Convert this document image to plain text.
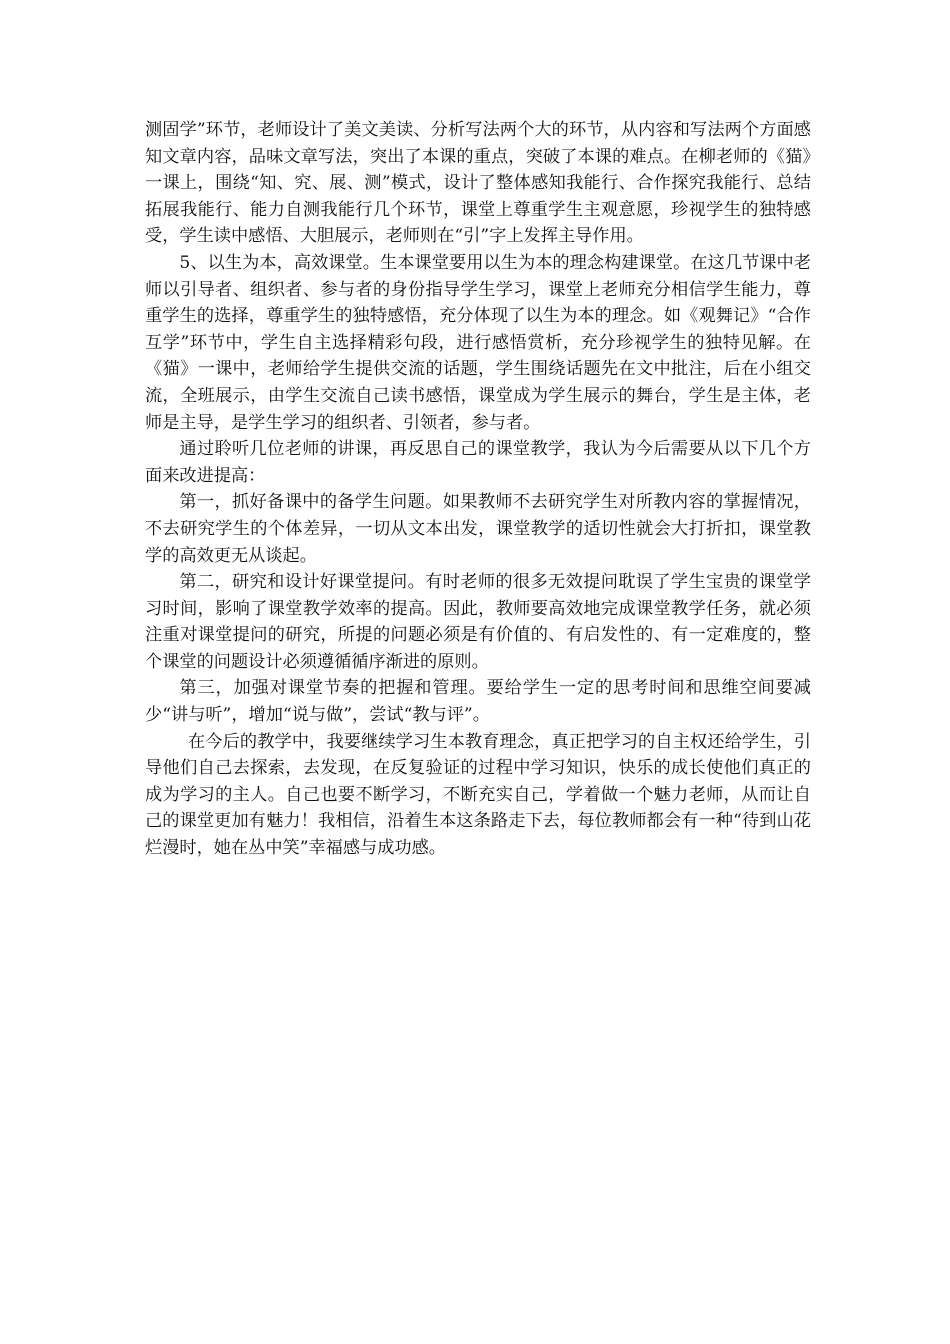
测固学”环节，老师设计了美文美读、分析写法两个大的环节，从内容和写法两个方面感知文章内容，品味文章写法，突出了本课的重点，突破了本课的难点。在柳老师的《猫》一课上，围绕“知、究、展、测”模式，设计了整体感知我能行、合作探究我能行、总结拓展我能行、能力自测我能行几个环节，课堂上尊重学生主观意愿，珍视学生的独特感受，学生读中感悟、大胆展示，老师则在“引”字上发挥主导作用。

5、以生为本，高效课堂。生本课堂要用以生为本的理念构建课堂。在这几节课中老师以引导者、组织者、参与者的身份指导学生学习，课堂上老师充分相信学生能力，尊重学生的选择，尊重学生的独特感悟，充分体现了以生为本的理念。如《观舞记》“合作互学”环节中，学生自主选择精彩句段，进行感悟赏析，充分珍视学生的独特见解。在《猫》一课中，老师给学生提供交流的话题，学生围绕话题先在文中批注，后在小组交流，全班展示，由学生交流自己读书感悟，课堂成为学生展示的舞台，学生是主体，老师是主导，是学生学习的组织者、引领者，参与者。

通过聆听几位老师的讲课，再反思自己的课堂教学，我认为今后需要从以下几个方面来改进提高：

第一，抓好备课中的备学生问题。如果教师不去研究学生对所教内容的掌握情况，不去研究学生的个体差异，一切从文本出发，课堂教学的适切性就会大打折扣，课堂教学的高效更无从谈起。

第二，研究和设计好课堂提问。有时老师的很多无效提问耽误了学生宝贵的课堂学习时间，影响了课堂教学效率的提高。因此，教师要高效地完成课堂教学任务，就必须注重对课堂提问的研究，所提的问题必须是有价值的、有启发性的、有一定难度的，整个课堂的问题设计必须遵循循序渐进的原则。

第三，加强对课堂节奏的把握和管理。要给学生一定的思考时间和思维空间要减少“讲与听”，增加“说与做”，尝试“教与评”。

在今后的教学中，我要继续学习生本教育理念，真正把学习的自主权还给学生，引导他们自己去探索，去发现，在反复验证的过程中学习知识，快乐的成长使他们真正的成为学习的主人。自己也要不断学习，不断充实自己，学着做一个魅力老师，从而让自己的课堂更加有魅力！我相信，沿着生本这条路走下去，每位教师都会有一种“待到山花烂漫时，她在丛中笑”幸福感与成功感。
